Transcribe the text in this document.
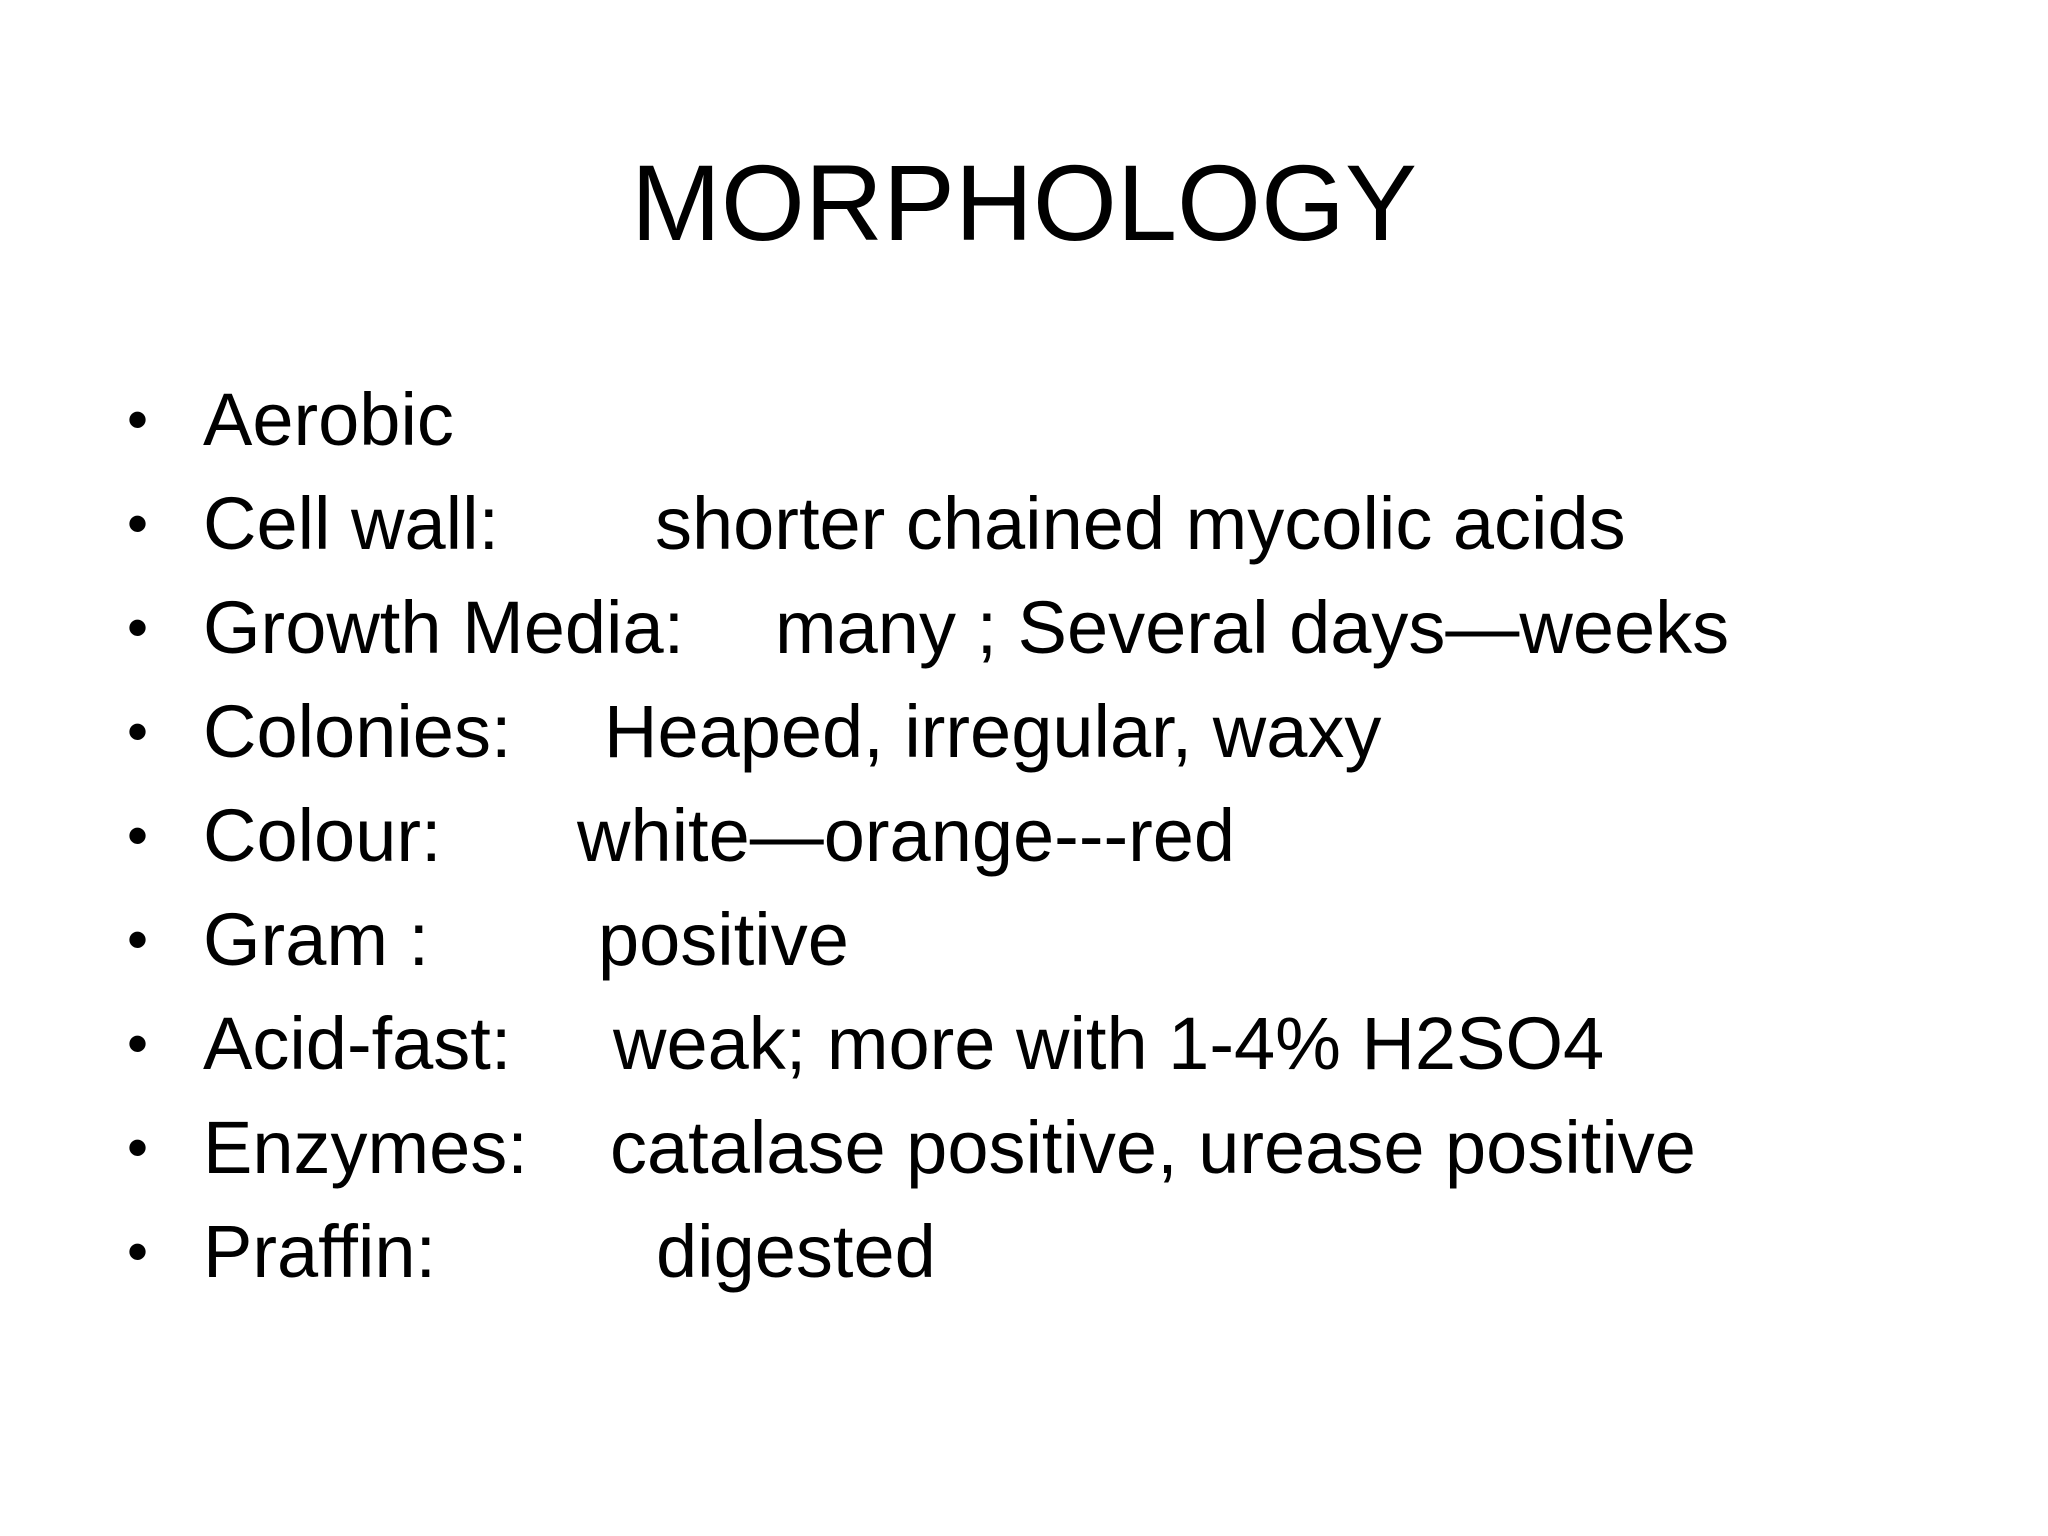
MORPHOLOGY
• Aerobic
• Cell wall: shorter chained mycolic acids
• Growth Media: many ; Several days—weeks
• Colonies: Heaped, irregular, waxy
• Colour: white—orange---red
• Gram : positive
• Acid-fast: weak; more with 1-4% H2SO4
• Enzymes: catalase positive, urease positive
• Praffin:	digested
